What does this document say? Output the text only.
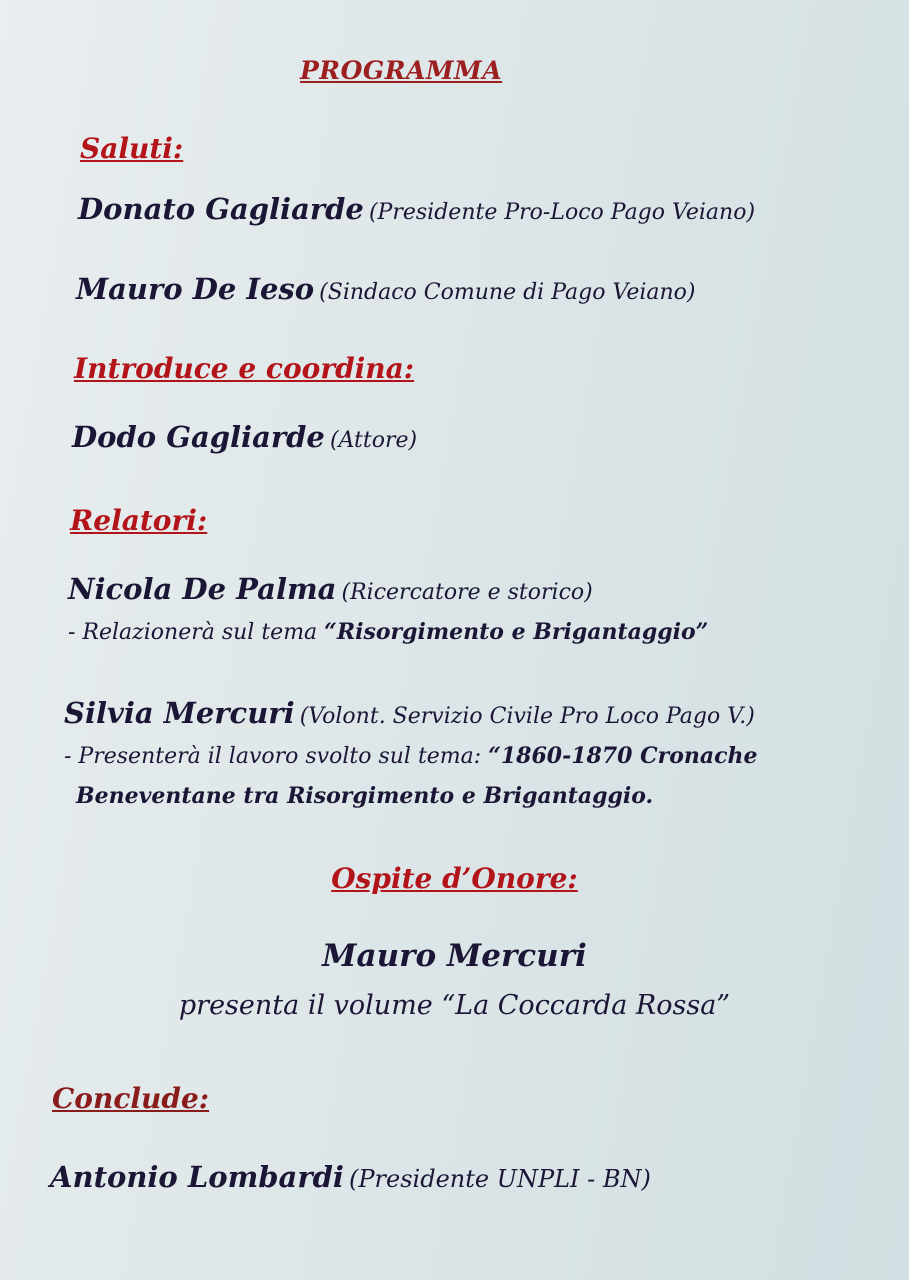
PROGRAMMA
Saluti:
Donato Gagliarde (Presidente Pro-Loco Pago Veiano)
Mauro De Ieso (Sindaco Comune di Pago Veiano)
Introduce e coordina:
Dodo Gagliarde (Attore)
Relatori:
Nicola De Palma (Ricercatore e storico)
- Relazionerà sul tema “Risorgimento e Brigantaggio”
Silvia Mercuri (Volont. Servizio Civile Pro Loco Pago V.)
- Presenterà il lavoro svolto sul tema: “1860-1870 Cronache
Beneventane tra Risorgimento e Brigantaggio.
Ospite d’Onore:
Mauro Mercuri
presenta il volume “La Coccarda Rossa”
Conclude:
Antonio Lombardi (Presidente UNPLI - BN)
